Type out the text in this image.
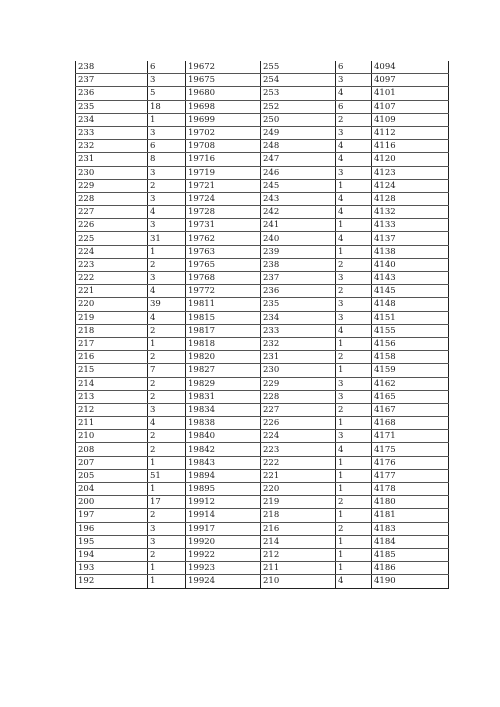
238	6	19672	255	6	4094
237	3	19675	254	3	4097
236	5	19680	253	4	4101
235	18	19698	252	6	4107
234	1	19699	250	2	4109
233	3	19702	249	3	4112
232	6	19708	248	4	4116
231	8	19716	247	4	4120
230	3	19719	246	3	4123
229	2	19721	245	1	4124
228	3	19724	243	4	4128
227	4	19728	242	4	4132
226	3	19731	241	1	4133
225	31	19762	240	4	4137
224	1	19763	239	1	4138
223	2	19765	238	2	4140
222	3	19768	237	3	4143
221	4	19772	236	2	4145
220	39	19811	235	3	4148
219	4	19815	234	3	4151
218	2	19817	233	4	4155
217	1	19818	232	1	4156
216	2	19820	231	2	4158
215	7	19827	230	1	4159
214	2	19829	229	3	4162
213	2	19831	228	3	4165
212	3	19834	227	2	4167
211	4	19838	226	1	4168
210	2	19840	224	3	4171
208	2	19842	223	4	4175
207	1	19843	222	1	4176
205	51	19894	221	1	4177
204	1	19895	220	1	4178
200	17	19912	219	2	4180
197	2	19914	218	1	4181
196	3	19917	216	2	4183
195	3	19920	214	1	4184
194	2	19922	212	1	4185
193	1	19923	211	1	4186
192	1	19924	210	4	4190
